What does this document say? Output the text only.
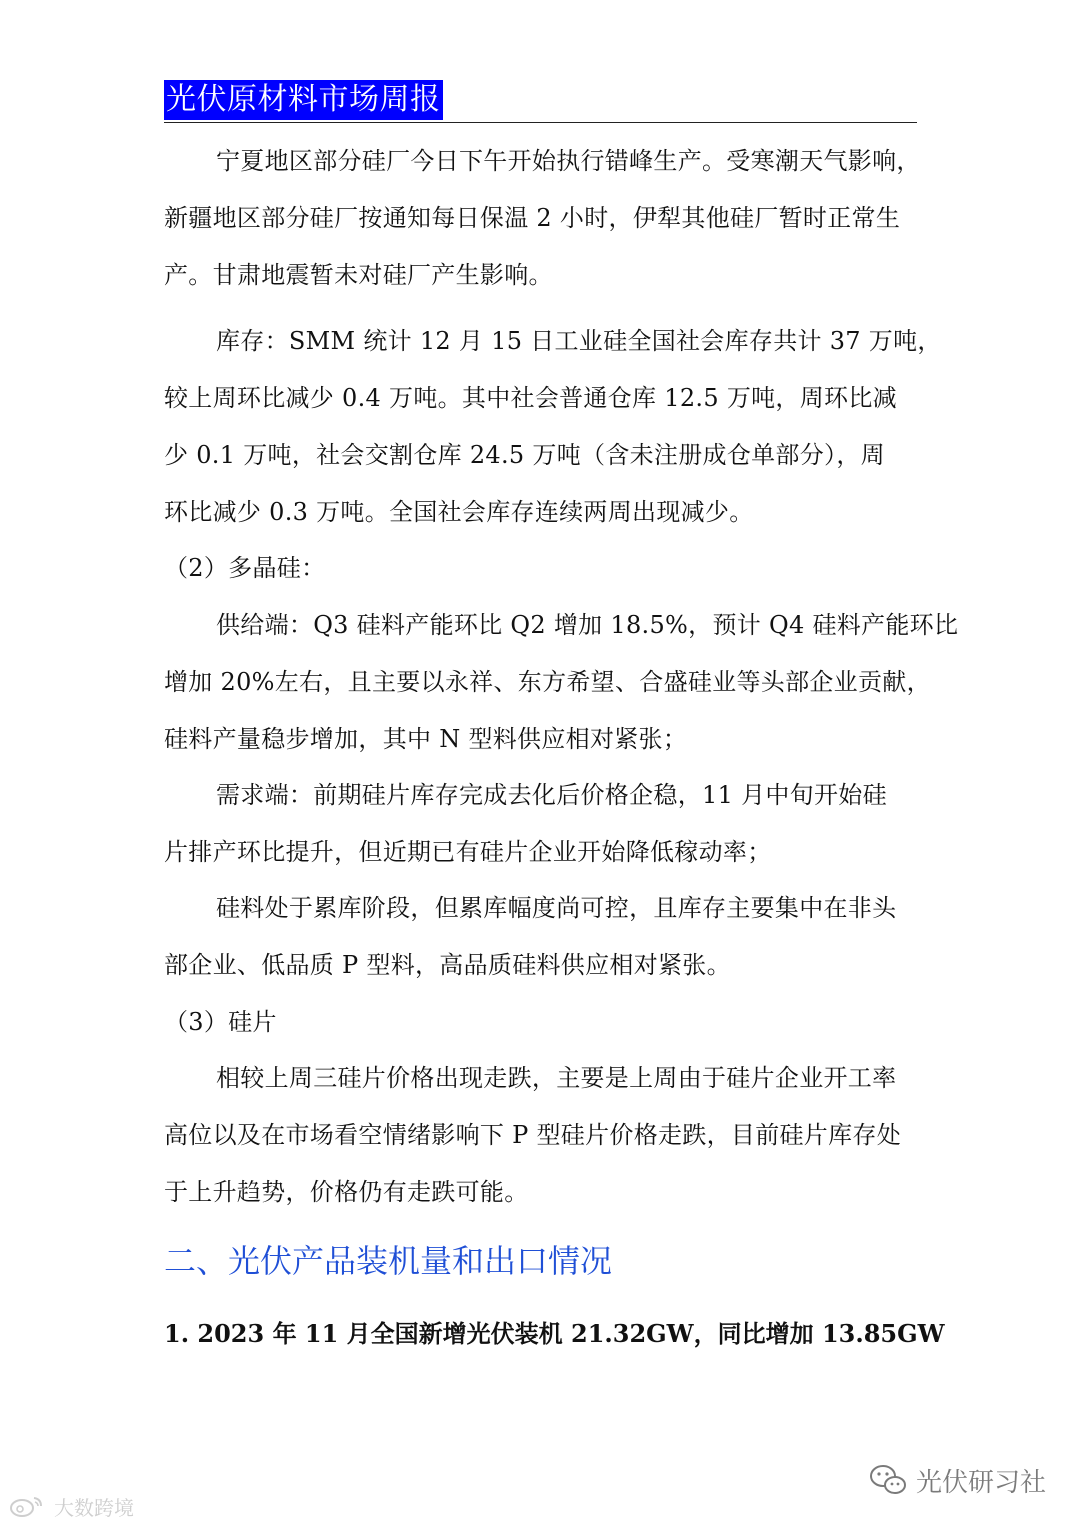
光伏原材料市场周报
宁夏地区部分硅厂今日下午开始执行错峰生产。受寒潮天气影响，
新疆地区部分硅厂按通知每日保温 2 小时，伊犁其他硅厂暂时正常生
产。甘肃地震暂未对硅厂产生影响。
库存：SMM 统计 12 月 15 日工业硅全国社会库存共计 37 万吨，
较上周环比减少 0.4 万吨。其中社会普通仓库 12.5 万吨，周环比减
少 0.1 万吨，社会交割仓库 24.5 万吨（含未注册成仓单部分），周
环比减少 0.3 万吨。全国社会库存连续两周出现减少。
（2）多晶硅：
供给端：Q3 硅料产能环比 Q2 增加 18.5%，预计 Q4 硅料产能环比
增加 20%左右，且主要以永祥、东方希望、合盛硅业等头部企业贡献，
硅料产量稳步增加，其中 N 型料供应相对紧张；
需求端：前期硅片库存完成去化后价格企稳，11 月中旬开始硅
片排产环比提升，但近期已有硅片企业开始降低稼动率；
硅料处于累库阶段，但累库幅度尚可控，且库存主要集中在非头
部企业、低品质 P 型料，高品质硅料供应相对紧张。
（3）硅片
相较上周三硅片价格出现走跌，主要是上周由于硅片企业开工率
高位以及在市场看空情绪影响下 P 型硅片价格走跌，目前硅片库存处
于上升趋势，价格仍有走跌可能。
二、光伏产品装机量和出口情况
1. 2023 年 11 月全国新增光伏装机 21.32GW，同比增加 13.85GW
大数跨境
光伏研习社
